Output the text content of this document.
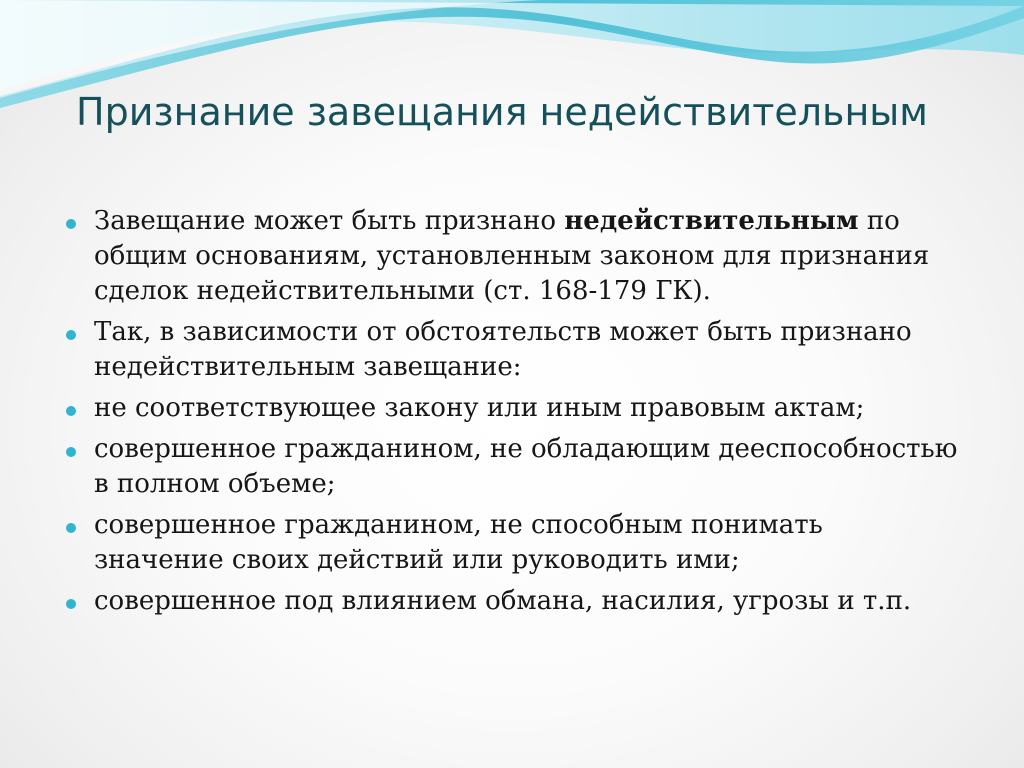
Признание завещания недействительным
Завещание может быть признано недействительным по общим основаниям, установленным законом для признания сделок недействительными (ст. 168-179 ГК).
Так, в зависимости от обстоятельств может быть признано недействительным завещание:
не соответствующее закону или иным правовым актам;
совершенное гражданином, не обладающим дееспособностью в полном объеме;
совершенное гражданином, не способным понимать значение своих действий или руководить ими;
совершенное под влиянием обмана, насилия, угрозы и т.п.
